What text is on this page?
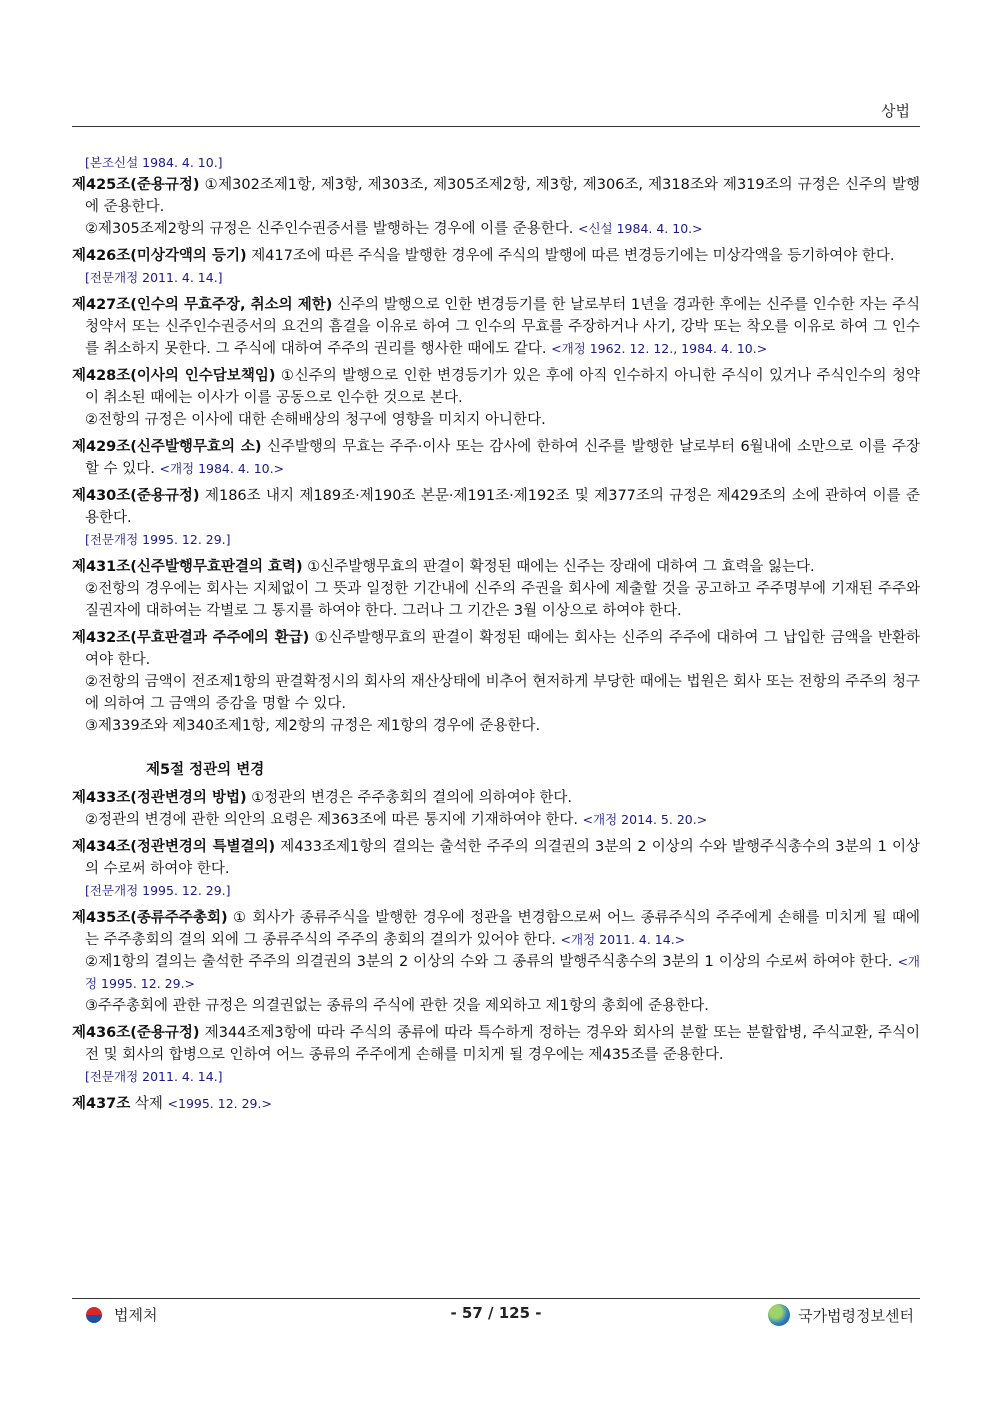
상법
[본조신설 1984. 4. 10.]
제425조(준용규정) ①제302조제1항, 제3항, 제303조, 제305조제2항, 제3항, 제306조, 제318조와 제319조의 규정은 신주의 발행에 준용한다.
②제305조제2항의 규정은 신주인수권증서를 발행하는 경우에 이를 준용한다. <신설 1984. 4. 10.>
제426조(미상각액의 등기) 제417조에 따른 주식을 발행한 경우에 주식의 발행에 따른 변경등기에는 미상각액을 등기하여야 한다.
[전문개정 2011. 4. 14.]
제427조(인수의 무효주장, 취소의 제한) 신주의 발행으로 인한 변경등기를 한 날로부터 1년을 경과한 후에는 신주를 인수한 자는 주식청약서 또는 신주인수권증서의 요건의 흠결을 이유로 하여 그 인수의 무효를 주장하거나 사기, 강박 또는 착오를 이유로 하여 그 인수를 취소하지 못한다. 그 주식에 대하여 주주의 권리를 행사한 때에도 같다. <개정 1962. 12. 12., 1984. 4. 10.>
제428조(이사의 인수담보책임) ①신주의 발행으로 인한 변경등기가 있은 후에 아직 인수하지 아니한 주식이 있거나 주식인수의 청약이 취소된 때에는 이사가 이를 공동으로 인수한 것으로 본다.
②전항의 규정은 이사에 대한 손해배상의 청구에 영향을 미치지 아니한다.
제429조(신주발행무효의 소) 신주발행의 무효는 주주·이사 또는 감사에 한하여 신주를 발행한 날로부터 6월내에 소만으로 이를 주장할 수 있다. <개정 1984. 4. 10.>
제430조(준용규정) 제186조 내지 제189조·제190조 본문·제191조·제192조 및 제377조의 규정은 제429조의 소에 관하여 이를 준용한다.
[전문개정 1995. 12. 29.]
제431조(신주발행무효판결의 효력) ①신주발행무효의 판결이 확정된 때에는 신주는 장래에 대하여 그 효력을 잃는다.
②전항의 경우에는 회사는 지체없이 그 뜻과 일정한 기간내에 신주의 주권을 회사에 제출할 것을 공고하고 주주명부에 기재된 주주와 질권자에 대하여는 각별로 그 통지를 하여야 한다. 그러나 그 기간은 3월 이상으로 하여야 한다.
제432조(무효판결과 주주에의 환급) ①신주발행무효의 판결이 확정된 때에는 회사는 신주의 주주에 대하여 그 납입한 금액을 반환하여야 한다.
②전항의 금액이 전조제1항의 판결확정시의 회사의 재산상태에 비추어 현저하게 부당한 때에는 법원은 회사 또는 전항의 주주의 청구에 의하여 그 금액의 증감을 명할 수 있다.
③제339조와 제340조제1항, 제2항의 규정은 제1항의 경우에 준용한다.
제5절 정관의 변경
제433조(정관변경의 방법) ①정관의 변경은 주주총회의 결의에 의하여야 한다.
②정관의 변경에 관한 의안의 요령은 제363조에 따른 통지에 기재하여야 한다. <개정 2014. 5. 20.>
제434조(정관변경의 특별결의) 제433조제1항의 결의는 출석한 주주의 의결권의 3분의 2 이상의 수와 발행주식총수의 3분의 1 이상의 수로써 하여야 한다.
[전문개정 1995. 12. 29.]
제435조(종류주주총회) ① 회사가 종류주식을 발행한 경우에 정관을 변경함으로써 어느 종류주식의 주주에게 손해를 미치게 될 때에는 주주총회의 결의 외에 그 종류주식의 주주의 총회의 결의가 있어야 한다. <개정 2011. 4. 14.>
②제1항의 결의는 출석한 주주의 의결권의 3분의 2 이상의 수와 그 종류의 발행주식총수의 3분의 1 이상의 수로써 하여야 한다. <개정 1995. 12. 29.>
③주주총회에 관한 규정은 의결권없는 종류의 주식에 관한 것을 제외하고 제1항의 총회에 준용한다.
제436조(준용규정) 제344조제3항에 따라 주식의 종류에 따라 특수하게 정하는 경우와 회사의 분할 또는 분할합병, 주식교환, 주식이전 및 회사의 합병으로 인하여 어느 종류의 주주에게 손해를 미치게 될 경우에는 제435조를 준용한다.
[전문개정 2011. 4. 14.]
제437조 삭제 <1995. 12. 29.>
법제처	- 57 / 125 -	국가법령정보센터
